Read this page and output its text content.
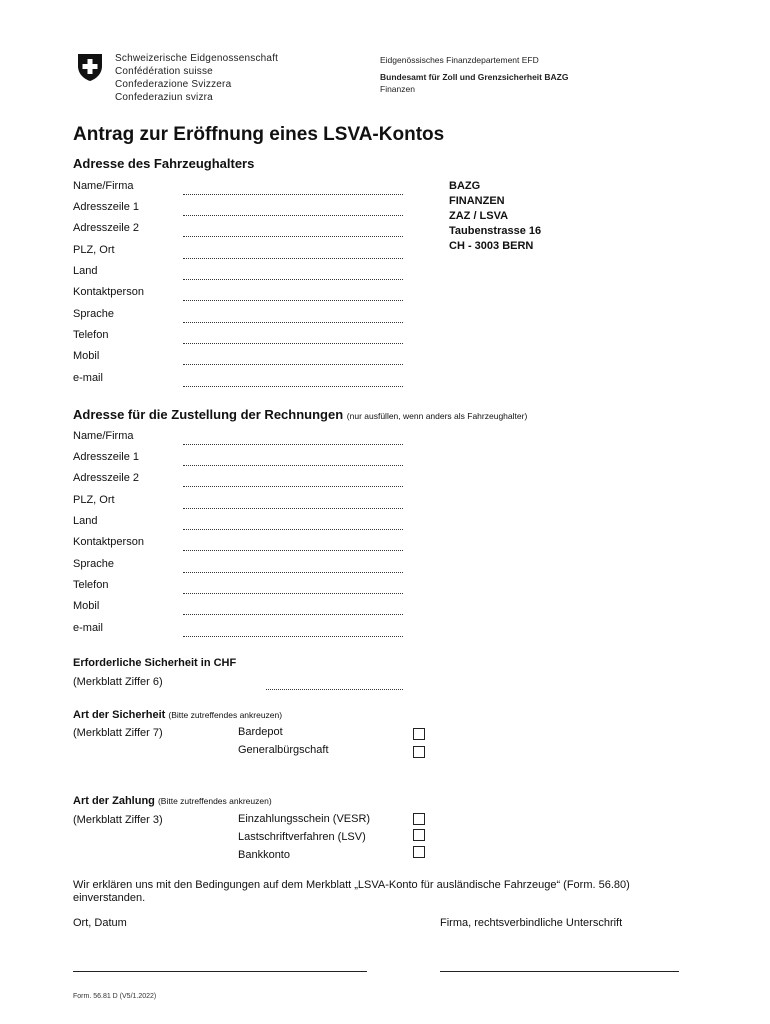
Schweizerische Eidgenossenschaft
Confédération suisse
Confederazione Svizzera
Confederaziun svizra
Eidgenössisches Finanzdepartement EFD
Bundesamt für Zoll und Grenzsicherheit BAZG
Finanzen
Antrag zur Eröffnung eines LSVA-Kontos
Adresse des Fahrzeughalters
Name/Firma
Adresszeile 1
Adresszeile 2
PLZ, Ort
Land
Kontaktperson
Sprache
Telefon
Mobil
e-mail
BAZG
FINANZEN
ZAZ / LSVA
Taubenstrasse 16
CH - 3003 BERN
Adresse für die Zustellung der Rechnungen (nur ausfüllen, wenn anders als Fahrzeughalter)
Name/Firma
Adresszeile 1
Adresszeile 2
PLZ, Ort
Land
Kontaktperson
Sprache
Telefon
Mobil
e-mail
Erforderliche Sicherheit in CHF
(Merkblatt Ziffer 6)
Art der Sicherheit (Bitte zutreffendes ankreuzen)
(Merkblatt Ziffer 7)	Bardepot
Generalbürgschaft
Art der Zahlung (Bitte zutreffendes ankreuzen)
(Merkblatt Ziffer 3)	Einzahlungsschein (VESR)
Lastschriftverfahren (LSV)
Bankkonto
Wir erklären uns mit den Bedingungen auf dem Merkblatt „LSVA-Konto für ausländische Fahrzeuge“ (Form. 56.80) einverstanden.
Ort, Datum	Firma, rechtsverbindliche Unterschrift
Form. 56.81 D (V5/1.2022)
